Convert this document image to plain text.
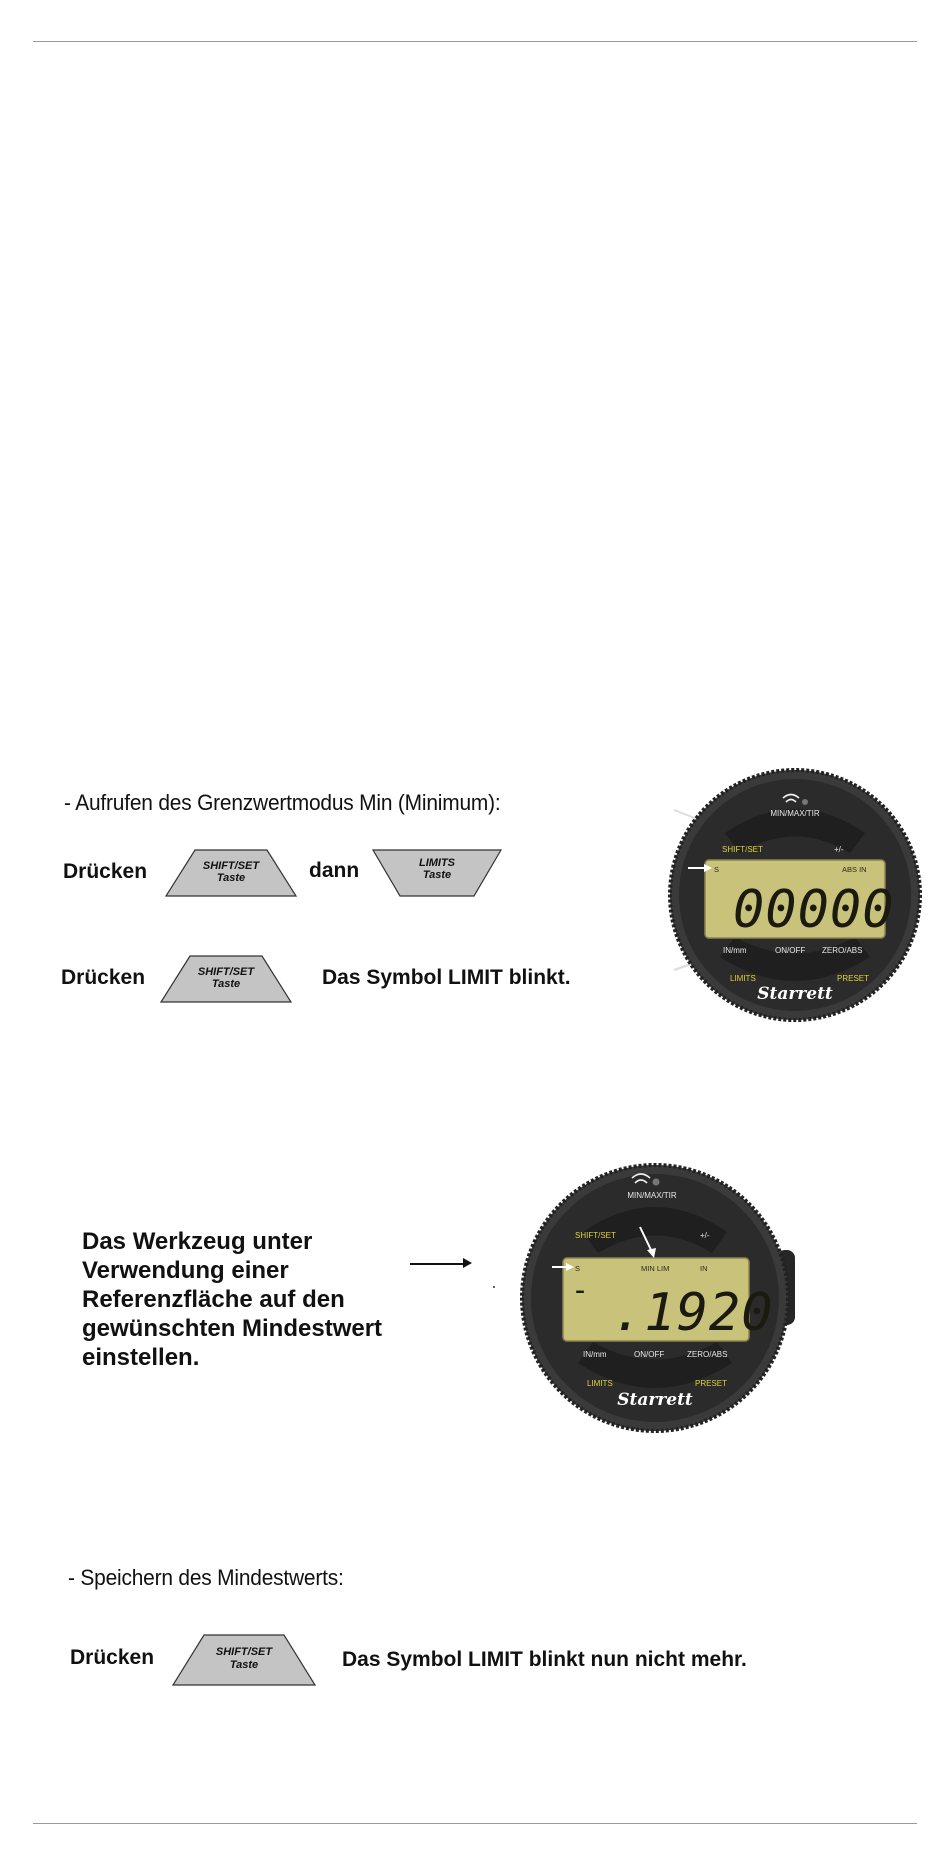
- Aufrufen des Grenzwertmodus Min (Minimum):
Drücken	SHIFT/SET
Taste	dann	LIMITS
Taste
Drücken	SHIFT/SET
Taste	Das Symbol LIMIT blinkt.
MIN/MAX/TIR
SHIFT/SET	+/-
S	ABS IN
00000
IN/mm	ON/OFF ZERO/ABS
LIMITS	PRESET
Starrett
Das Werkzeug unter Verwendung einer Referenzfläche auf den gewünschten Mindestwert einstellen.
MIN/MAX/TIR
SHIFT/SET	+/-
S	MIN LIM	IN
- .1920
IN/mm	ON/OFF	ZERO/ABS
LIMITS	PRESET
Starrett
- Speichern des Mindestwerts:
Drücken	SHIFT/SET
Taste	Das Symbol LIMIT blinkt nun nicht mehr.
